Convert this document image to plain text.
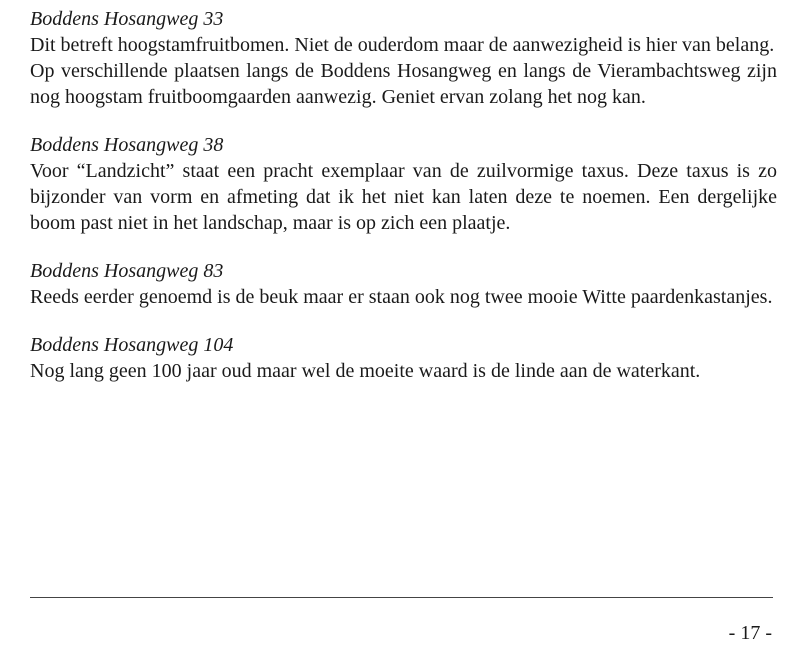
Boddens Hosangweg 33

Dit betreft hoogstamfruitbomen. Niet de ouderdom maar de aanwezigheid is hier van belang.

Op verschillende plaatsen langs de Boddens Hosangweg en langs de Vierambachtsweg zijn nog hoogstam fruitboomgaarden aanwezig. Geniet ervan zolang het nog kan.

Boddens Hosangweg 38

Voor “Landzicht” staat een pracht exemplaar van de zuilvormige taxus. Deze taxus is zo bijzonder van vorm en afmeting dat ik het niet kan laten deze te noemen. Een dergelijke boom past niet in het landschap, maar is op zich een plaatje.

Boddens Hosangweg 83

Reeds eerder genoemd is de beuk maar er staan ook nog twee mooie Witte paardenkastanjes.

Boddens Hosangweg 104

Nog lang geen 100 jaar oud maar wel de moeite waard is de linde aan de waterkant.

- 17 -
